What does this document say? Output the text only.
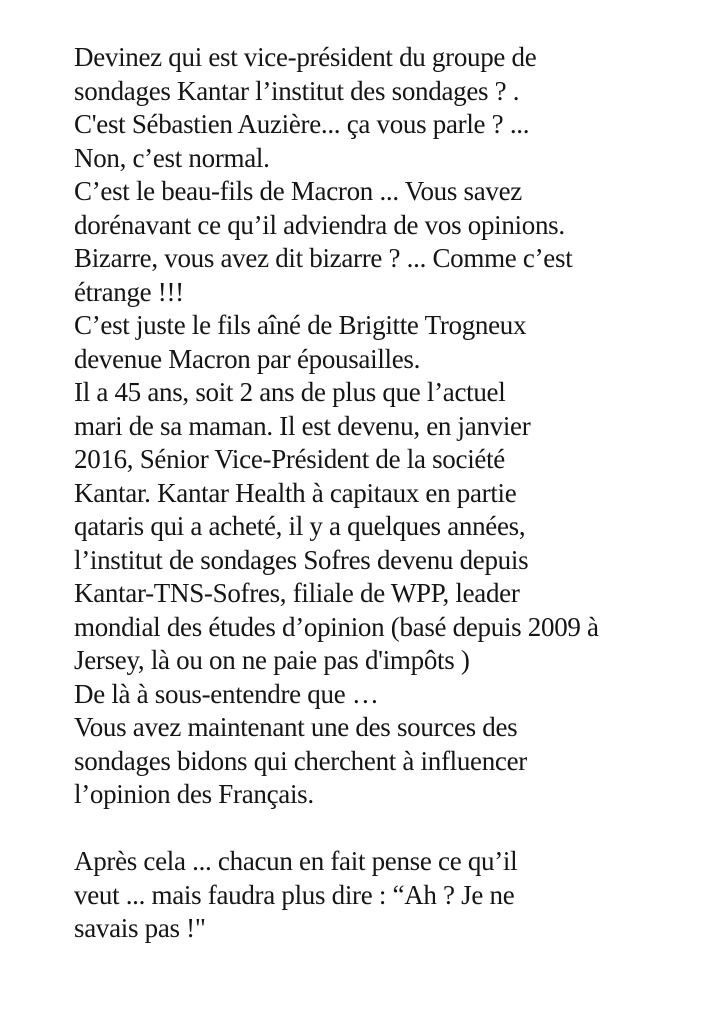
Devinez qui est vice-président du groupe de
sondages Kantar l’institut des sondages ? .
C'est Sébastien Auzière... ça vous parle ? ...
Non, c’est normal.
C’est le beau-fils de Macron ... Vous savez
dorénavant ce qu’il adviendra de vos opinions.
Bizarre, vous avez dit bizarre ? ... Comme c’est
étrange !!!
C’est juste le fils aîné de Brigitte Trogneux
devenue Macron par épousailles.
Il a 45 ans, soit 2 ans de plus que l’actuel
mari de sa maman. Il est devenu, en janvier
2016, Sénior Vice-Président de la société
Kantar. Kantar Health à capitaux en partie
qataris qui a acheté, il y a quelques années,
l’institut de sondages Sofres devenu depuis
Kantar-TNS-Sofres, filiale de WPP, leader
mondial des études d’opinion (basé depuis 2009 à
Jersey, là ou on ne paie pas d'impôts )
De là à sous-entendre que …
Vous avez maintenant une des sources des
sondages bidons qui cherchent à influencer
l’opinion des Français.
Après cela ... chacun en fait pense ce qu’il
veut ... mais faudra plus dire : “Ah ? Je ne
savais pas !"
